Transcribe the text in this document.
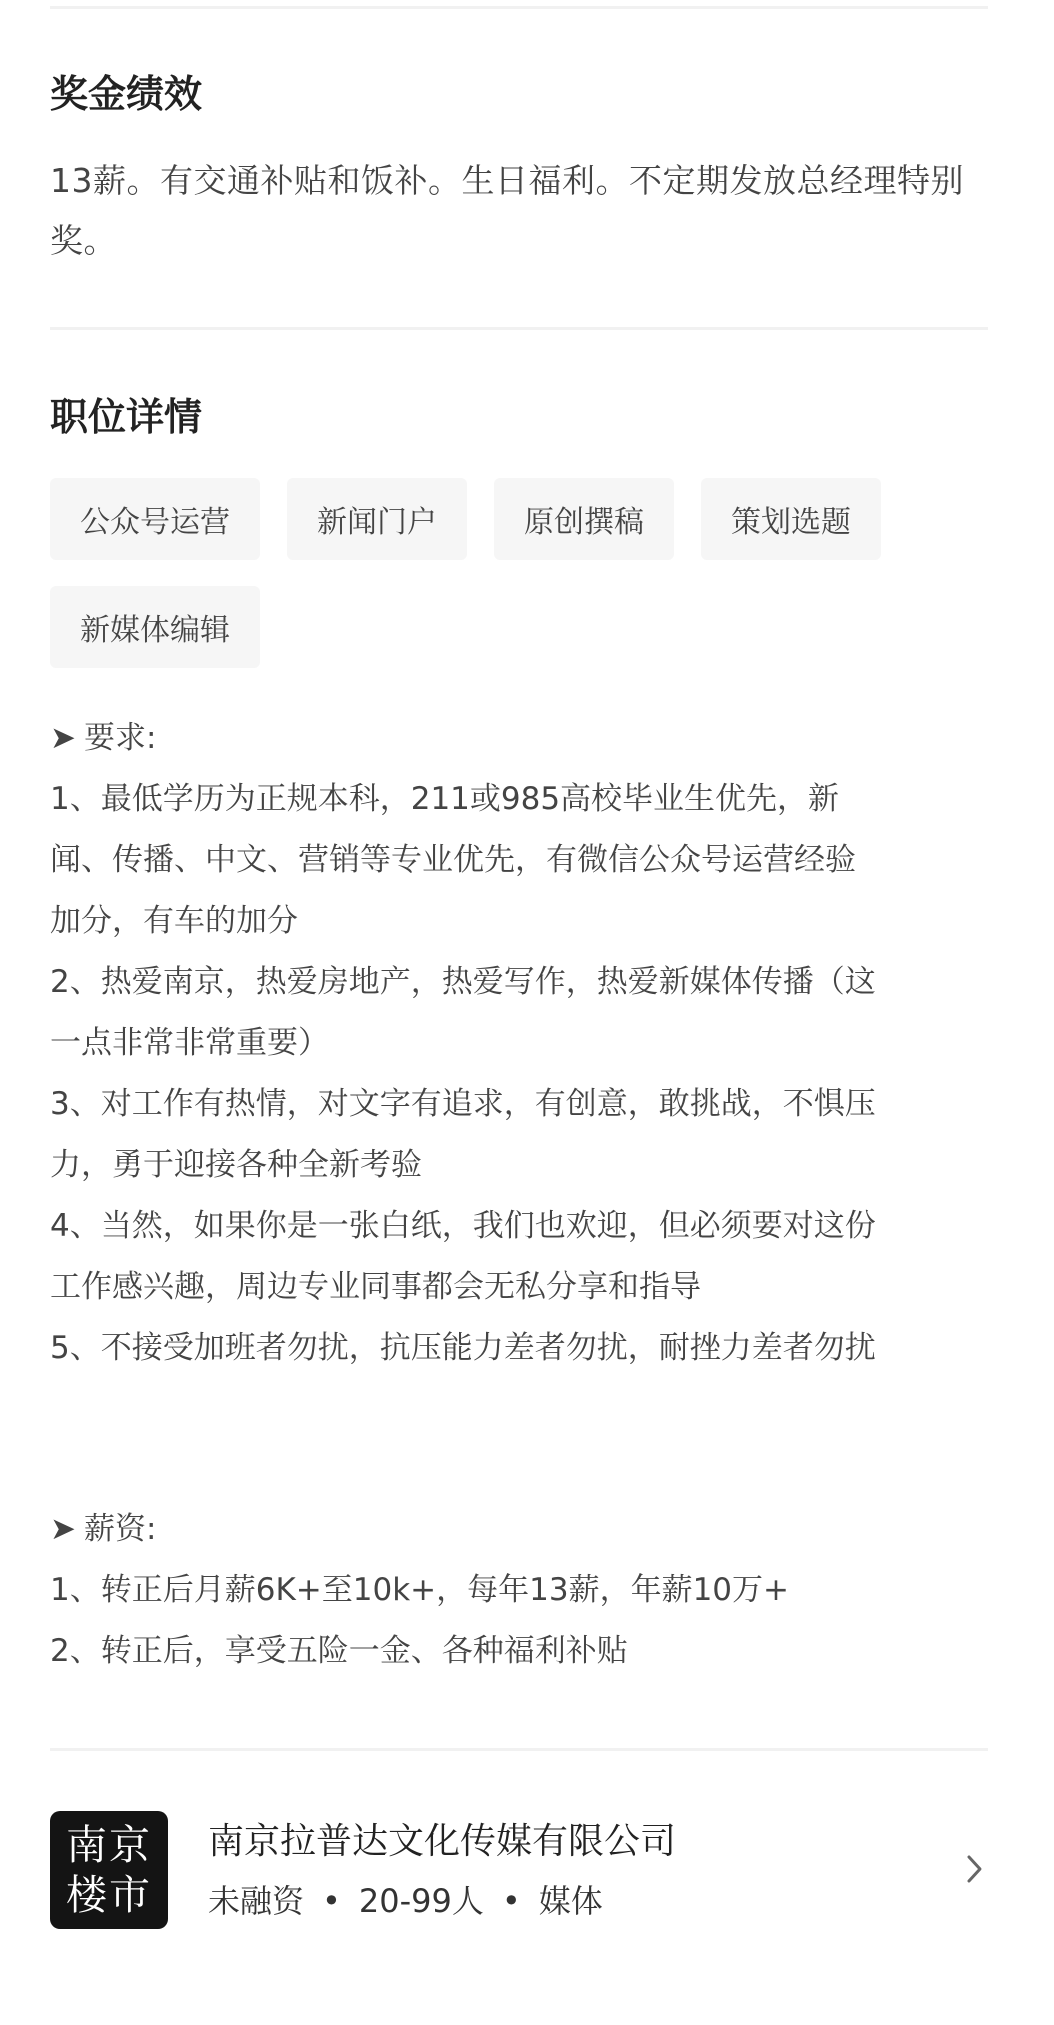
奖金绩效
13薪。有交通补贴和饭补。生日福利。不定期发放总经理特别奖。
职位详情
公众号运营	新闻门户	原创撰稿	策划选题
新媒体编辑
➤ 要求:
1、最低学历为正规本科，211或985高校毕业生优先，新
闻、传播、中文、营销等专业优先，有微信公众号运营经验
加分，有车的加分
2、热爱南京，热爱房地产，热爱写作，热爱新媒体传播（这
一点非常非常重要）
3、对工作有热情，对文字有追求，有创意，敢挑战，不惧压
力，勇于迎接各种全新考验
4、当然，如果你是一张白纸，我们也欢迎，但必须要对这份
工作感兴趣，周边专业同事都会无私分享和指导
5、不接受加班者勿扰，抗压能力差者勿扰，耐挫力差者勿扰
➤ 薪资:
1、转正后月薪6K+至10k+，每年13薪，年薪10万+
2、转正后，享受五险一金、各种福利补贴
南京
楼市
南京拉普达文化传媒有限公司
未融资 • 20-99人 • 媒体
